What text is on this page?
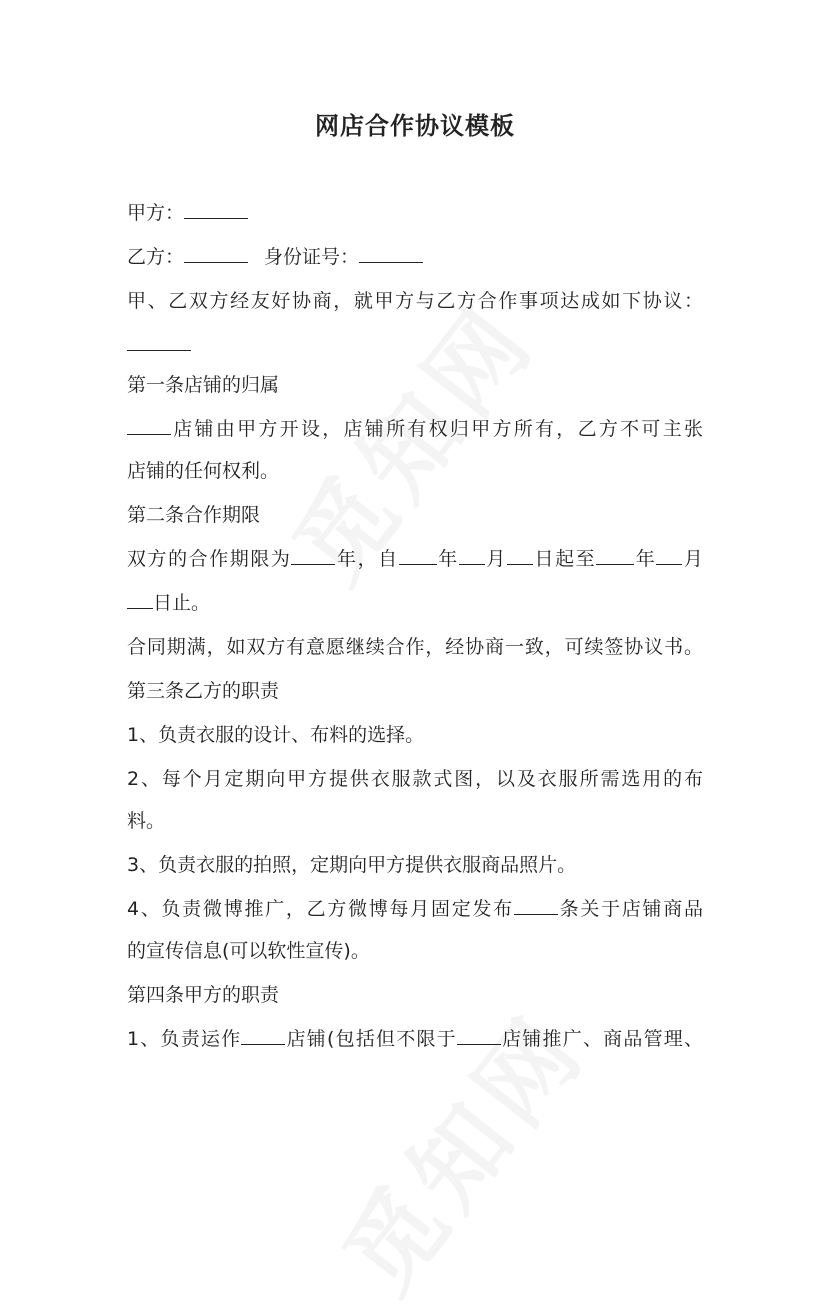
网店合作协议模板
甲方：
乙方：	身份证号：
甲、乙双方经友好协商，就甲方与乙方合作事项达成如下协议：
第一条店铺的归属
店铺由甲方开设，店铺所有权归甲方所有，乙方不可主张
店铺的任何权利。
第二条合作期限
双方的合作期限为 年，自 年 月 日起至 年 月
日止。
合同期满，如双方有意愿继续合作，经协商一致，可续签协议书。
第三条乙方的职责
1、负责衣服的设计、布料的选择。
2、每个月定期向甲方提供衣服款式图，以及衣服所需选用的布
料。
3、负责衣服的拍照，定期向甲方提供衣服商品照片。
4、负责微博推广，乙方微博每月固定发布 条关于店铺商品
的宣传信息(可以软性宣传)。
第四条甲方的职责
1、负责运作 店铺(包括但不限于 店铺推广、商品管理、
